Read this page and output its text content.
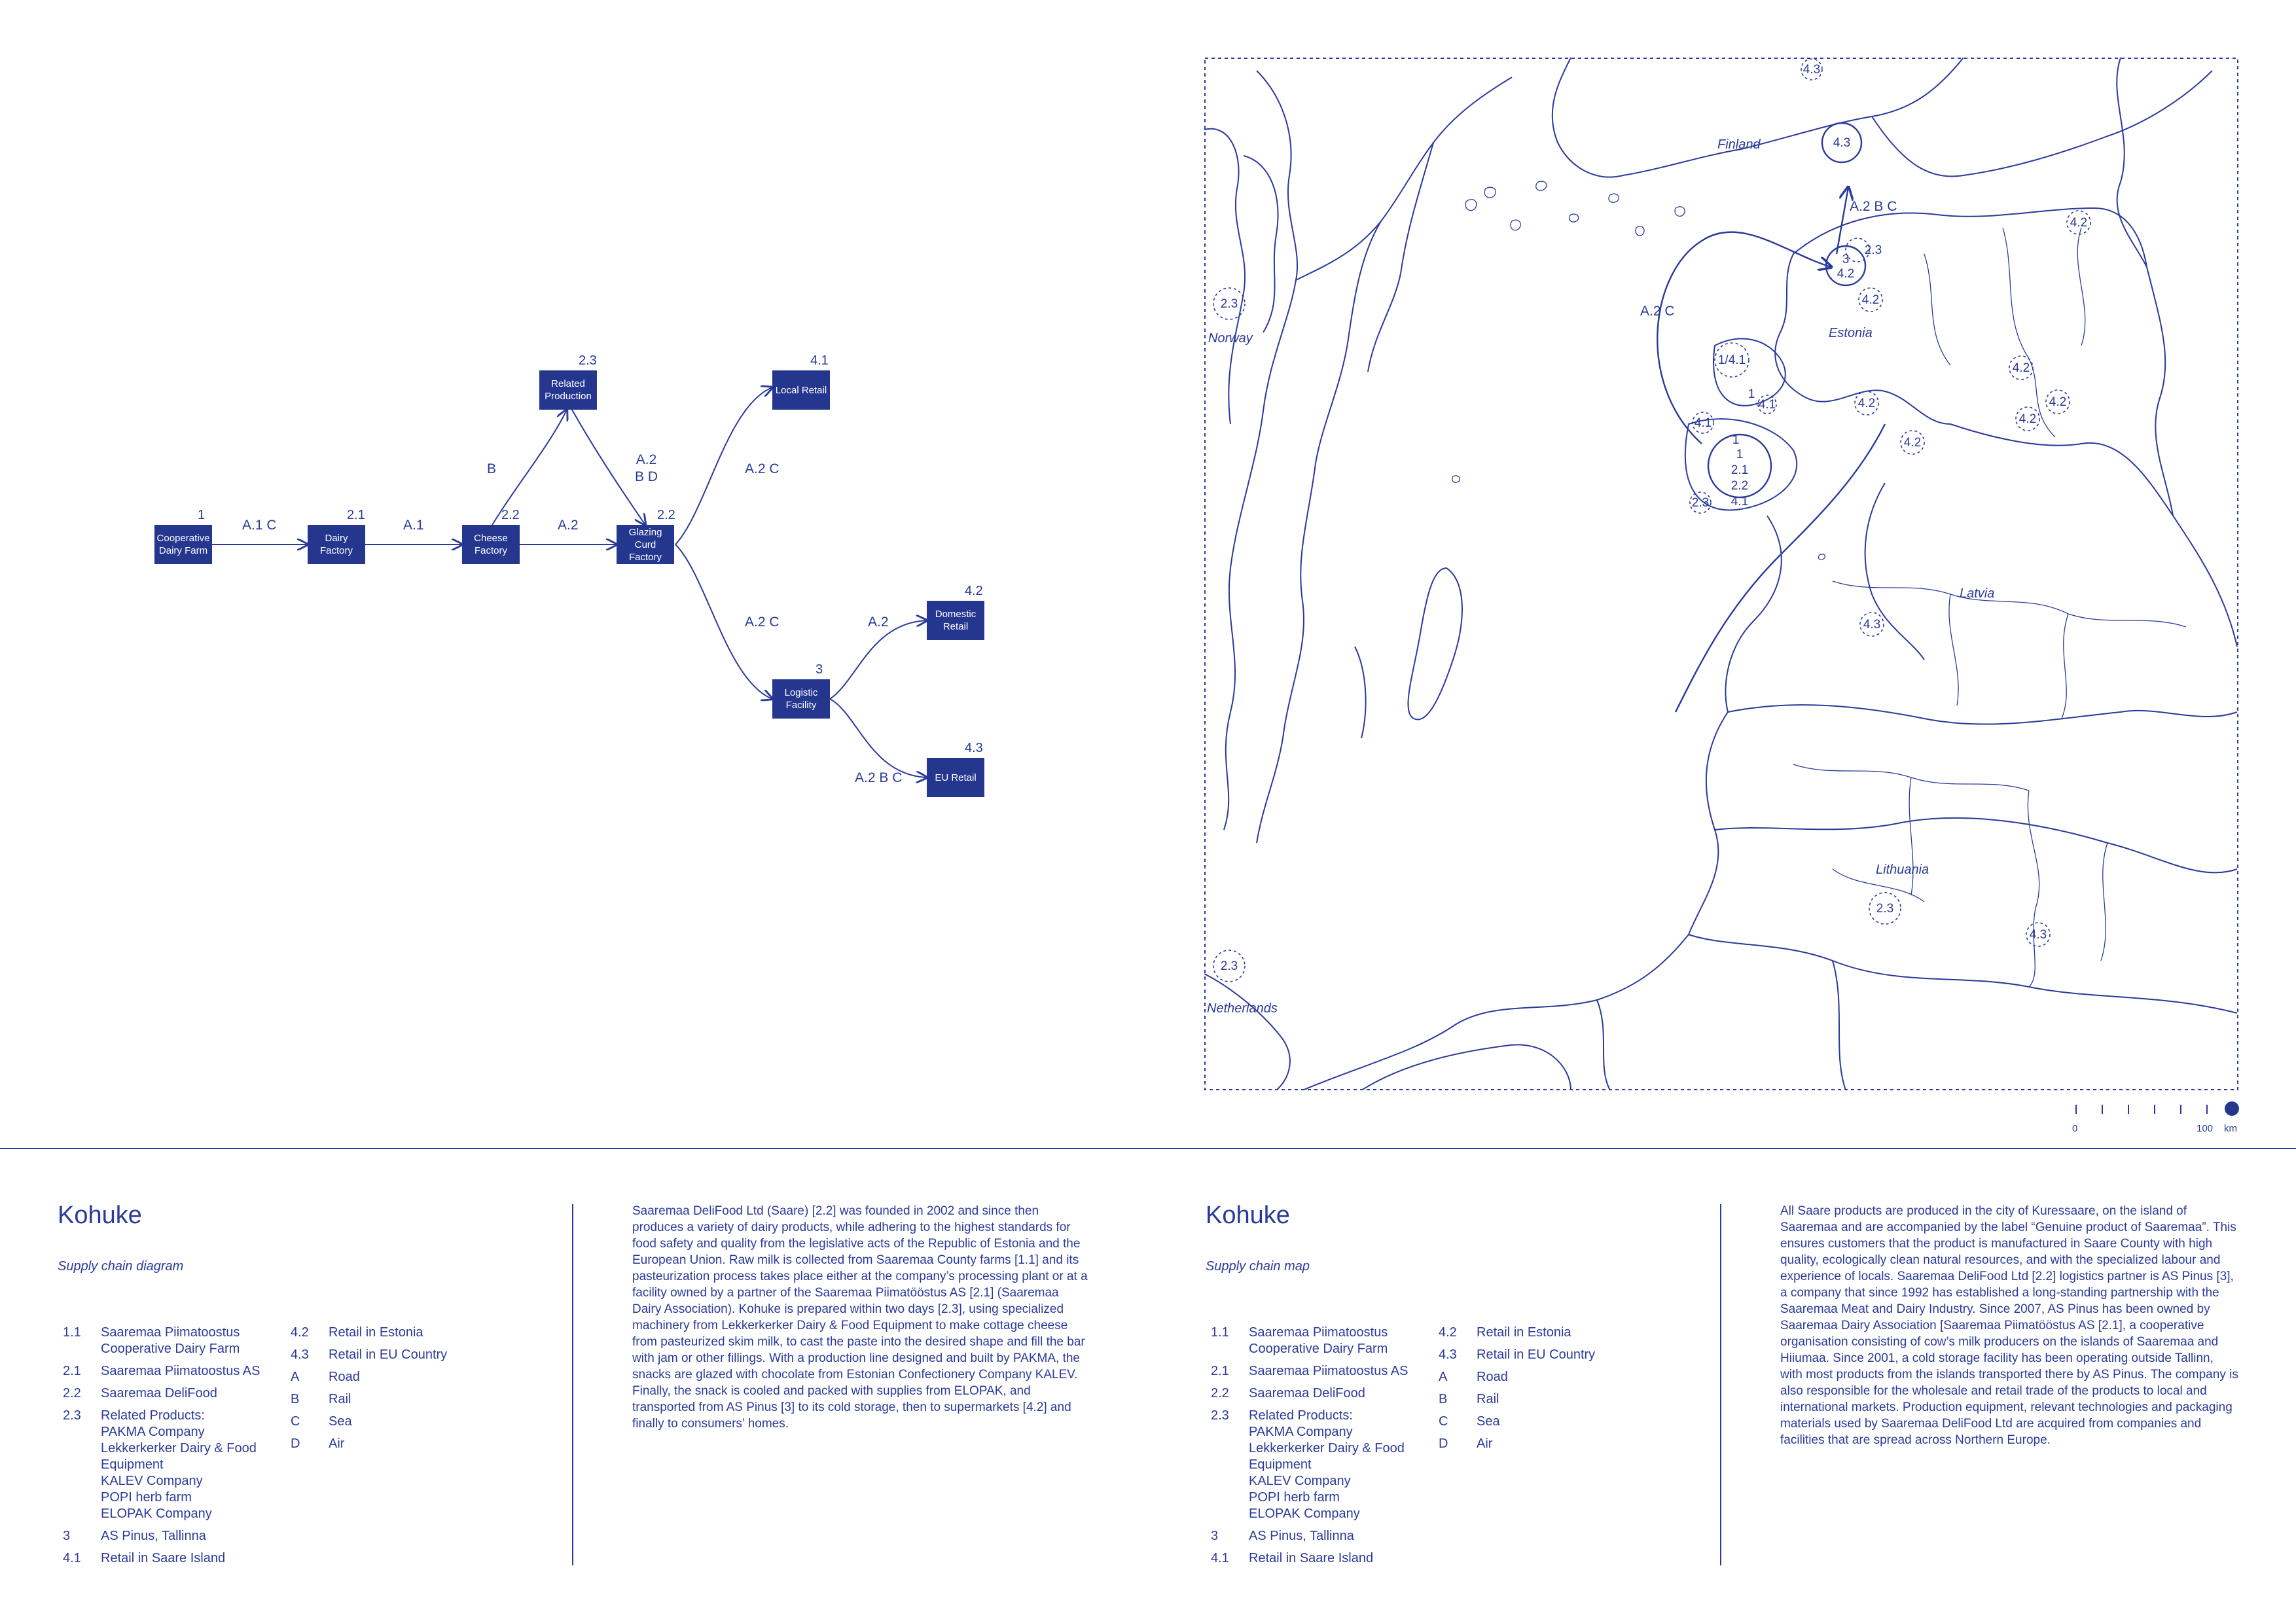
Cooperative Dairy Farm
1
Dairy Factory
2.1
Cheese Factory
2.2
Glazing Curd Factory
2.2
Related Production
2.3
Local Retail
4.1
Logistic Facility
3
Domestic Retail
4.2
EU Retail
4.3
A.1 C	A.1	A.2
B
A.2
B D
A.2 C
A.2 C	A.2
A.2 B C
4.3
4.3
4.2
2.3	4.2
4.2
4.2
4.2
4.2
4.2
4.3
2.3
4.3
2.3
2.3
1/4.1
4.1
4.1
1
1
3
4.2
2.3
1
2.1
2.2
4.1
A.2 B C
A.2 C
Finland
Norway	Estonia
Latvia
Lithuania
Netherlands
0	100 km
Kohuke
Supply chain diagram
1.1	Saaremaa Piimatoostus Cooperative Dairy Farm
2.1	Saaremaa Piimatoostus AS
2.2	Saaremaa DeliFood
2.3	Related Products:
PAKMA Company
Lekkerkerker Dairy & Food Equipment
KALEV Company
POPI herb farm
ELOPAK Company
3	AS Pinus, Tallinna
4.1	Retail in Saare Island
4.2	Retail in Estonia
4.3	Retail in EU Country
A	Road
B	Rail
C	Sea
D	Air
Saaremaa DeliFood Ltd (Saare) [2.2] was founded in 2002 and since then produces a variety of dairy products, while adhering to the highest standards for food safety and quality from the legislative acts of the Republic of Estonia and the European Union. Raw milk is collected from Saaremaa County farms [1.1] and its pasteurization process takes place either at the company’s processing plant or at a facility owned by a partner of the Saaremaa Piimatööstus AS [2.1] (Saaremaa Dairy Association). Kohuke is prepared within two days [2.3], using specialized machinery from Lekkerkerker Dairy & Food Equipment to make cottage cheese from pasteurized skim milk, to cast the paste into the desired shape and fill the bar with jam or other fillings. With a production line designed and built by PAKMA, the snacks are glazed with chocolate from Estonian Confectionery Company KALEV. Finally, the snack is cooled and packed with supplies from ELOPAK, and transported from AS Pinus [3] to its cold storage, then to supermarkets [4.2] and finally to consumers’ homes.
Kohuke
Supply chain map
1.1	Saaremaa Piimatoostus Cooperative Dairy Farm
2.1	Saaremaa Piimatoostus AS
2.2	Saaremaa DeliFood
2.3	Related Products:
PAKMA Company
Lekkerkerker Dairy & Food Equipment
KALEV Company
POPI herb farm
ELOPAK Company
3	AS Pinus, Tallinna
4.1	Retail in Saare Island
4.2	Retail in Estonia
4.3	Retail in EU Country
A	Road
B	Rail
C	Sea
D	Air
All Saare products are produced in the city of Kuressaare, on the island of Saaremaa and are accompanied by the label “Genuine product of Saaremaa”. This ensures customers that the product is manufactured in Saare County with high quality, ecologically clean natural resources, and with the specialized labour and experience of locals. Saaremaa DeliFood Ltd [2.2] logistics partner is AS Pinus [3], a company that since 1992 has established a long-standing partnership with the Saaremaa Meat and Dairy Industry. Since 2007, AS Pinus has been owned by Saaremaa Dairy Association [Saaremaa Piimatööstus AS [2.1], a cooperative organisation consisting of cow’s milk producers on the islands of Saaremaa and Hiiumaa. Since 2001, a cold storage facility has been operating outside Tallinn, with most products from the islands transported there by AS Pinus. The company is also responsible for the wholesale and retail trade of the products to local and international markets. Production equipment, relevant technologies and packaging materials used by Saaremaa DeliFood Ltd are acquired from companies and facilities that are spread across Northern Europe.
